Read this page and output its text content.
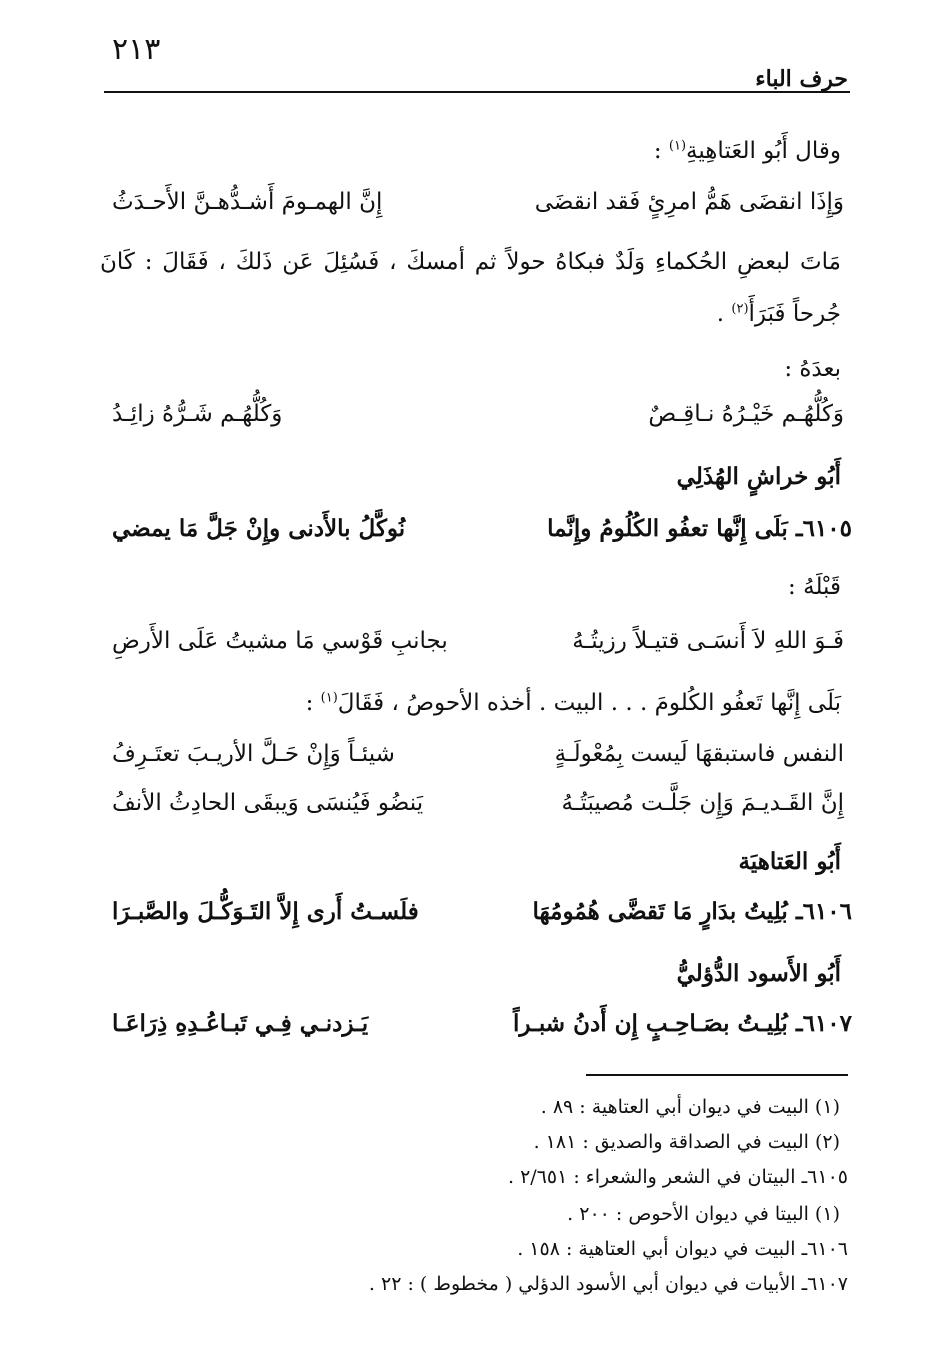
٢١٣
حرف الباء
وقال أَبُو العَتاهِيةِ$^{(١)}$ :
وَإِذَا انقضَى هَمُّ امرِئٍ فَقد انقضَى
إِنَّ الهمـومَ أَشـدُّهـنَّ الأَحـدَثُ
مَاتَ لبعضِ الحُكماءِ وَلَدٌ فبكاهُ حولاً ثم أمسكَ ، فَسُئِلَ عَن ذَلكَ ، فَقَالَ : كَانَ
جُرحاً فَبَرَأَ$^{(٢)}$ .
بعدَهُ :
وَكُلُّهُـم خَيْـرُهُ نـاقِـصٌ
وَكُلُّهُـم شَـرُّهُ زائِـدُ
أَبُو خراشٍ الهُذَلِي
٦١٠٥ـ بَلَى إِنَّها تعفُو الكُلُومُ وإِنَّما
نُوكَّلُ بالأَدنى وإِنْ جَلَّ مَا يمضي
قَبْلَهُ :
فَـوَ اللهِ لاَ أَنسَـى قتيـلاً رزيتُـهُ
بجانبِ قَوْسي مَا مشيتُ عَلَى الأَرضِ
بَلَى إِنَّها تَعفُو الكُلومَ . . . البيت . أخذه الأحوصُ ، فَقَالَ$^{(١)}$ :
النفس فاستبقهَا لَيست بِمُعْولَـةٍ
شيئـاً وَإِنْ حَـلَّ الأريـبَ تعتَـرِفُ
إِنَّ القَـديـمَ وَإِن جَلَّـت مُصيبَتُـهُ
يَنضُو فَيُنسَى وَيبقَى الحادِثُ الأنفُ
أَبُو العَتاهيَة
٦١٠٦ـ بُلِيتُ بدَارٍ مَا تَقضَّى هُمُومُهَا
فلَسـتُ أَرى إِلاَّ التَـوَكُّـلَ والصَّبـرَا
أَبُو الأَسود الدُّؤليُّ
٦١٠٧ـ بُلِيـتُ بصَـاحِـبٍ إِن أَدنُ شبـراً
يَـزدنـي فِـي تَبـاعُـدِهِ ذِرَاعَـا
(١) البيت في ديوان أبي العتاهية : ٨٩ .
(٢) البيت في الصداقة والصديق : ١٨١ .
٦١٠٥ـ البيتان في الشعر والشعراء : ٢/٦٥١ .
(١) البيتا في ديوان الأحوص : ٢٠٠ .
٦١٠٦ـ البيت في ديوان أبي العتاهية : ١٥٨ .
٦١٠٧ـ الأبيات في ديوان أبي الأسود الدؤلي ( مخطوط ) : ٢٢ .
